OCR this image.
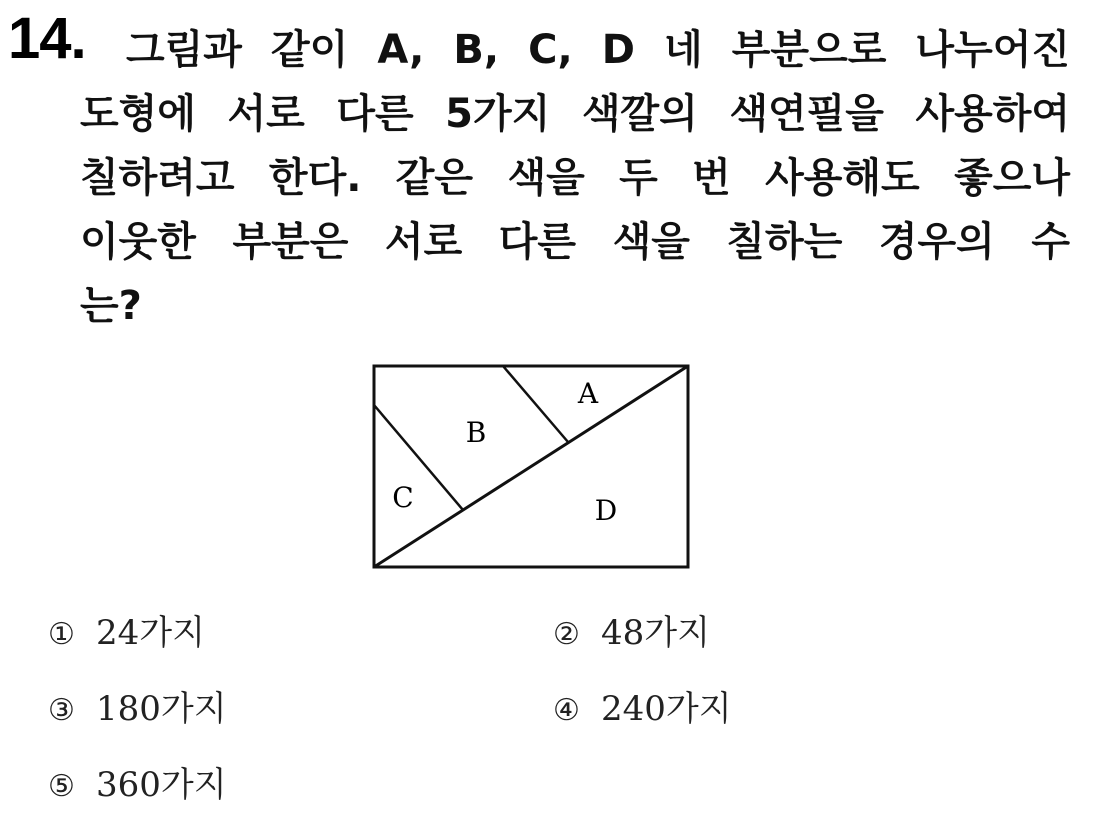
14. 그림과 같이 A, B, C, D 네 부분으로 나누어진
도형에 서로 다른 5가지 색깔의 색연필을 사용하여
칠하려고 한다. 같은 색을 두 번 사용해도 좋으나
이웃한 부분은 서로 다른 색을 칠하는 경우의 수
는?
A
B
C	D
① 24가지	② 48가지
③ 180가지	④ 240가지
⑤ 360가지
